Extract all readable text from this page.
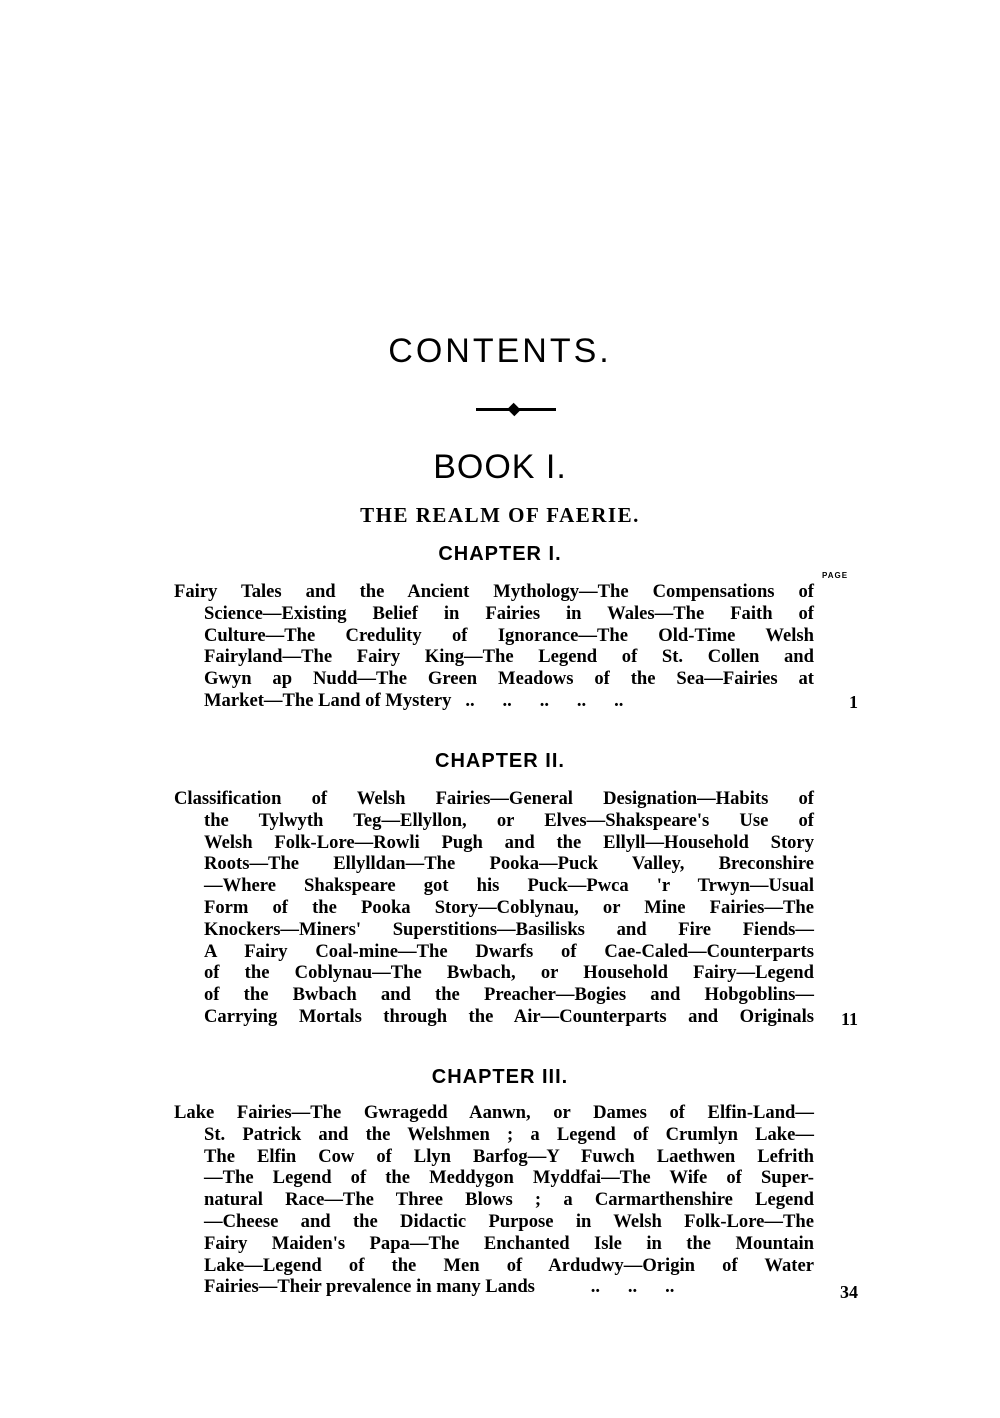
CONTENTS.
BOOK I.
THE REALM OF FAERIE.
CHAPTER I.
PAGE
Fairy Tales and the Ancient Mythology—The Compensations of
Science—Existing Belief in Fairies in Wales—The Faith of
Culture—The Credulity of Ignorance—The Old-Time Welsh
Fairyland—The Fairy King—The Legend of St. Collen and
Gwyn ap Nudd—The Green Meadows of the Sea—Fairies at
Market—The Land of Mystery ..      ..      ..      ..      ..	1
CHAPTER II.
Classification of Welsh Fairies—General Designation—Habits of
the Tylwyth Teg—Ellyllon, or Elves—Shakspeare's Use of
Welsh Folk-Lore—Rowli Pugh and the Ellyll—Household Story
Roots—The Ellylldan—The Pooka—Puck Valley, Breconshire
—Where Shakspeare got his Puck—Pwca 'r Trwyn—Usual
Form of the Pooka Story—Coblynau, or Mine Fairies—The
Knockers—Miners' Superstitions—Basilisks and Fire Fiends—
A Fairy Coal-mine—The Dwarfs of Cae-Caled—Counterparts
of the Coblynau—The Bwbach, or Household Fairy—Legend
of the Bwbach and the Preacher—Bogies and Hobgoblins—
Carrying Mortals through the Air—Counterparts and Originals 11
CHAPTER III.
Lake Fairies—The Gwragedd Aanwn, or Dames of Elfin-Land—
St. Patrick and the Welshmen ; a Legend of Crumlyn Lake—
The Elfin Cow of Llyn Barfog—Y Fuwch Laethwen Lefrith
—The Legend of the Meddygon Myddfai—The Wife of Super-
natural Race—The Three Blows ; a Carmarthenshire Legend
—Cheese and the Didactic Purpose in Welsh Folk-Lore—The
Fairy Maiden's Papa—The Enchanted Isle in the Mountain
Lake—Legend of the Men of Ardudwy—Origin of Water
Fairies—Their prevalence in many Lands	..      ..      ..	34
